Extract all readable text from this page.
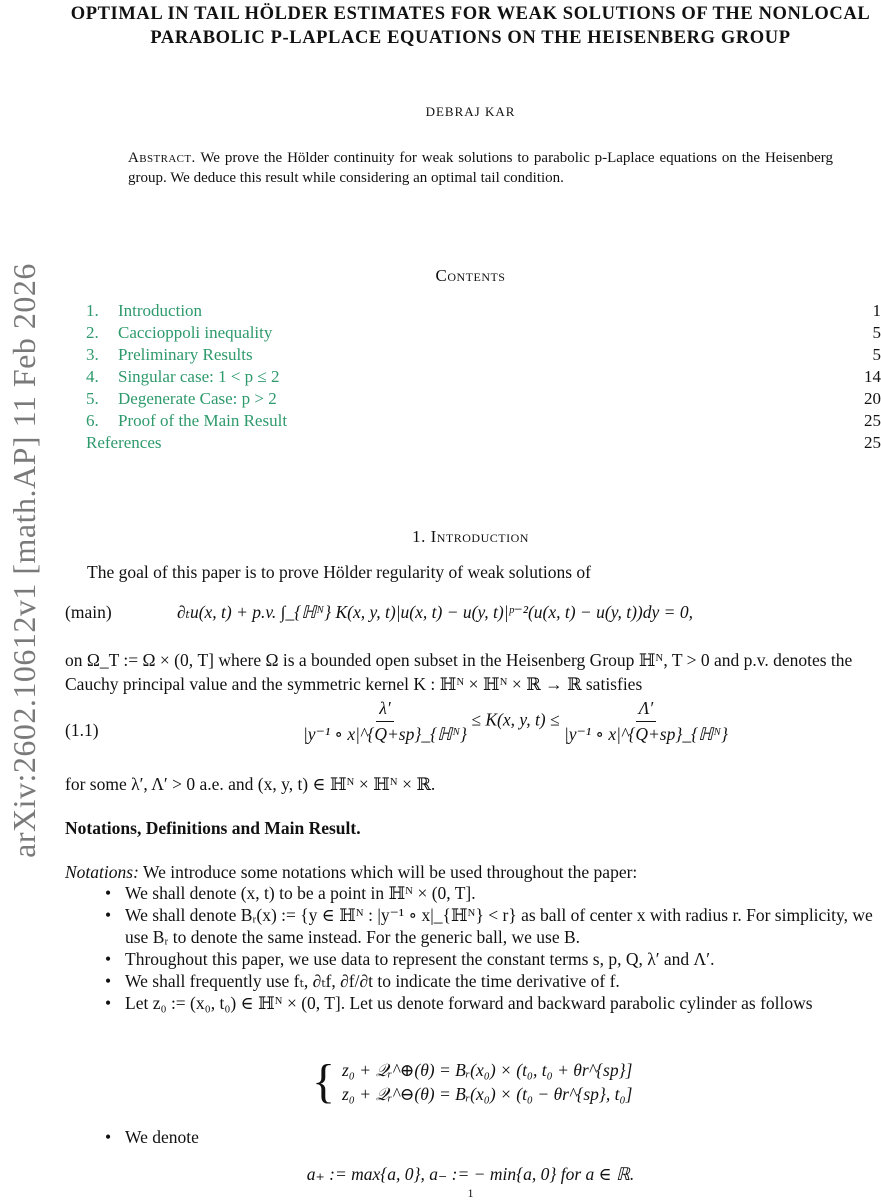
arXiv:2602.10612v1 [math.AP] 11 Feb 2026
OPTIMAL IN TAIL HÖLDER ESTIMATES FOR WEAK SOLUTIONS OF THE NONLOCAL PARABOLIC P-LAPLACE EQUATIONS ON THE HEISENBERG GROUP
DEBRAJ KAR
Abstract. We prove the Hölder continuity for weak solutions to parabolic p-Laplace equations on the Heisenberg group. We deduce this result while considering an optimal tail condition.
Contents
1.	Introduction	1
2.	Caccioppoli inequality	5
3.	Preliminary Results	5
4.	Singular case: 1 < p ≤ 2	14
5.	Degenerate Case: p > 2	20
6.	Proof of the Main Result	25
References	25
1. Introduction
The goal of this paper is to prove Hölder regularity of weak solutions of
(main)	∂ₜu(x, t) + p.v. ∫_{ℍᴺ} K(x, y, t)|u(x, t) − u(y, t)|ᵖ⁻²(u(x, t) − u(y, t))dy = 0,
on Ω_T := Ω × (0, T] where Ω is a bounded open subset in the Heisenberg Group ℍᴺ, T > 0 and p.v. denotes the Cauchy principal value and the symmetric kernel K : ℍᴺ × ℍᴺ × ℝ → ℝ satisfies
(1.1)	$\frac{\lambda'}{\text{|y⁻¹ ∘ x|\textasciicircum{}\{Q+sp\}\_\{ℍᴺ\}}} \le K(x$, y, $t) \le \frac{\Lambda'}{\text{|y⁻¹ ∘ x|\textasciicircum{}\{Q+sp\}\_\{ℍᴺ\}}}$
for some λ′, Λ′ > 0 a.e. and (x, y, t) ∈ ℍᴺ × ℍᴺ × ℝ.
Notations, Definitions and Main Result.
Notations: We introduce some notations which will be used throughout the paper:
• We shall denote (x, t) to be a point in ℍᴺ × (0, T].
• We shall denote Bᵣ(x) := {y ∈ ℍᴺ : |y⁻¹ ∘ x|_{ℍᴺ} < r} as ball of center x with radius r. For simplicity, we use Bᵣ to denote the same instead. For the generic ball, we use B.
• Throughout this paper, we use data to represent the constant terms s, p, Q, λ′ and Λ′.
• We shall frequently use fₜ, ∂ₜf, ∂f/∂t to indicate the time derivative of f.
• Let z₀ := (x₀, t₀) ∈ ℍᴺ × (0, T]. Let us denote forward and backward parabolic cylinder as follows
{ z₀ + 𝒬ᵣ^⊕(θ) = Bᵣ(x₀) × (t₀, t₀ + θr^{sp}]
z₀ + 𝒬ᵣ^⊖(θ) = Bᵣ(x₀) × (t₀ − θr^{sp}, t₀]
• We denote
a₊ := max{a, 0}, a₋ := − min{a, 0} for a ∈ ℝ.
1
